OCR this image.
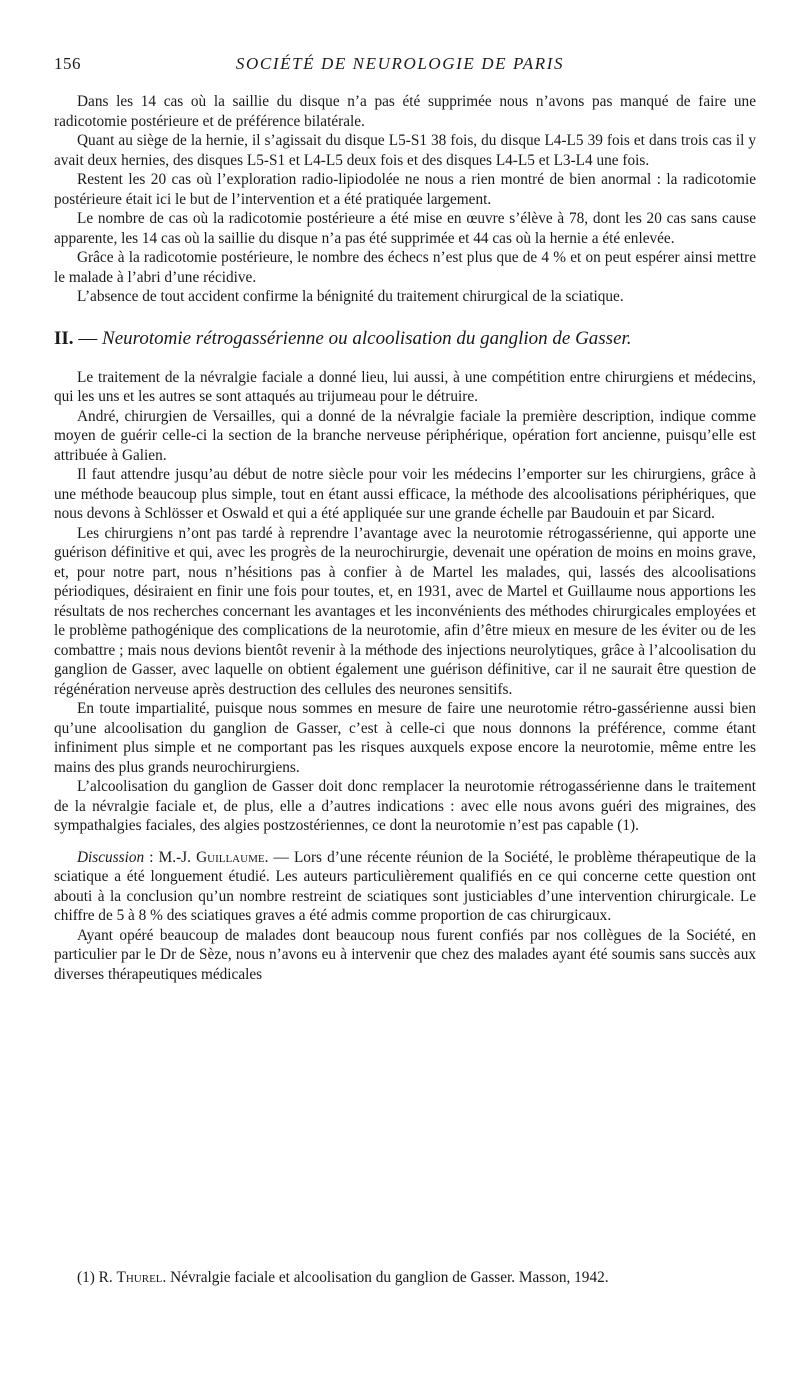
156	SOCIÉTÉ DE NEUROLOGIE DE PARIS

Dans les 14 cas où la saillie du disque n’a pas été supprimée nous n’avons pas manqué de faire une radicotomie postérieure et de préférence bilatérale.

Quant au siège de la hernie, il s’agissait du disque L5-S1 38 fois, du disque L4-L5 39 fois et dans trois cas il y avait deux hernies, des disques L5-S1 et L4-L5 deux fois et des disques L4-L5 et L3-L4 une fois.

Restent les 20 cas où l’exploration radio-lipiodolée ne nous a rien montré de bien anormal : la radicotomie postérieure était ici le but de l’intervention et a été pratiquée largement.

Le nombre de cas où la radicotomie postérieure a été mise en œuvre s’élève à 78, dont les 20 cas sans cause apparente, les 14 cas où la saillie du disque n’a pas été supprimée et 44 cas où la hernie a été enlevée.

Grâce à la radicotomie postérieure, le nombre des échecs n’est plus que de 4 % et on peut espérer ainsi mettre le malade à l’abri d’une récidive.

L’absence de tout accident confirme la bénignité du traitement chirurgical de la sciatique.

II. — Neurotomie rétrogassérienne ou alcoolisation du ganglion de Gasser.

Le traitement de la névralgie faciale a donné lieu, lui aussi, à une compétition entre chirurgiens et médecins, qui les uns et les autres se sont attaqués au trijumeau pour le détruire.

André, chirurgien de Versailles, qui a donné de la névralgie faciale la première description, indique comme moyen de guérir celle-ci la section de la branche nerveuse périphérique, opération fort ancienne, puisqu’elle est attribuée à Galien.

Il faut attendre jusqu’au début de notre siècle pour voir les médecins l’emporter sur les chirurgiens, grâce à une méthode beaucoup plus simple, tout en étant aussi efficace, la méthode des alcoolisations périphériques, que nous devons à Schlösser et Oswald et qui a été appliquée sur une grande échelle par Baudouin et par Sicard.

Les chirurgiens n’ont pas tardé à reprendre l’avantage avec la neurotomie rétrogassérienne, qui apporte une guérison définitive et qui, avec les progrès de la neurochirurgie, devenait une opération de moins en moins grave, et, pour notre part, nous n’hésitions pas à confier à de Martel les malades, qui, lassés des alcoolisations périodiques, désiraient en finir une fois pour toutes, et, en 1931, avec de Martel et Guillaume nous apportions les résultats de nos recherches concernant les avantages et les inconvénients des méthodes chirurgicales employées et le problème pathogénique des complications de la neurotomie, afin d’être mieux en mesure de les éviter ou de les combattre ; mais nous devions bientôt revenir à la méthode des injections neurolytiques, grâce à l’alcoolisation du ganglion de Gasser, avec laquelle on obtient également une guérison définitive, car il ne saurait être question de régénération nerveuse après destruction des cellules des neurones sensitifs.

En toute impartialité, puisque nous sommes en mesure de faire une neurotomie rétro-gassérienne aussi bien qu’une alcoolisation du ganglion de Gasser, c’est à celle-ci que nous donnons la préférence, comme étant infiniment plus simple et ne comportant pas les risques auxquels expose encore la neurotomie, même entre les mains des plus grands neurochirurgiens.

L’alcoolisation du ganglion de Gasser doit donc remplacer la neurotomie rétrogassérienne dans le traitement de la névralgie faciale et, de plus, elle a d’autres indications : avec elle nous avons guéri des migraines, des sympathalgies faciales, des algies postzostériennes, ce dont la neurotomie n’est pas capable (1).

Discussion : M.-J. Guillaume. — Lors d’une récente réunion de la Société, le problème thérapeutique de la sciatique a été longuement étudié. Les auteurs particulièrement qualifiés en ce qui concerne cette question ont abouti à la conclusion qu’un nombre restreint de sciatiques sont justiciables d’une intervention chirurgicale. Le chiffre de 5 à 8 % des sciatiques graves a été admis comme proportion de cas chirurgicaux.

Ayant opéré beaucoup de malades dont beaucoup nous furent confiés par nos collègues de la Société, en particulier par le Dr de Sèze, nous n’avons eu à intervenir que chez des malades ayant été soumis sans succès aux diverses thérapeutiques médicales

(1) R. Thurel. Névralgie faciale et alcoolisation du ganglion de Gasser. Masson, 1942.
